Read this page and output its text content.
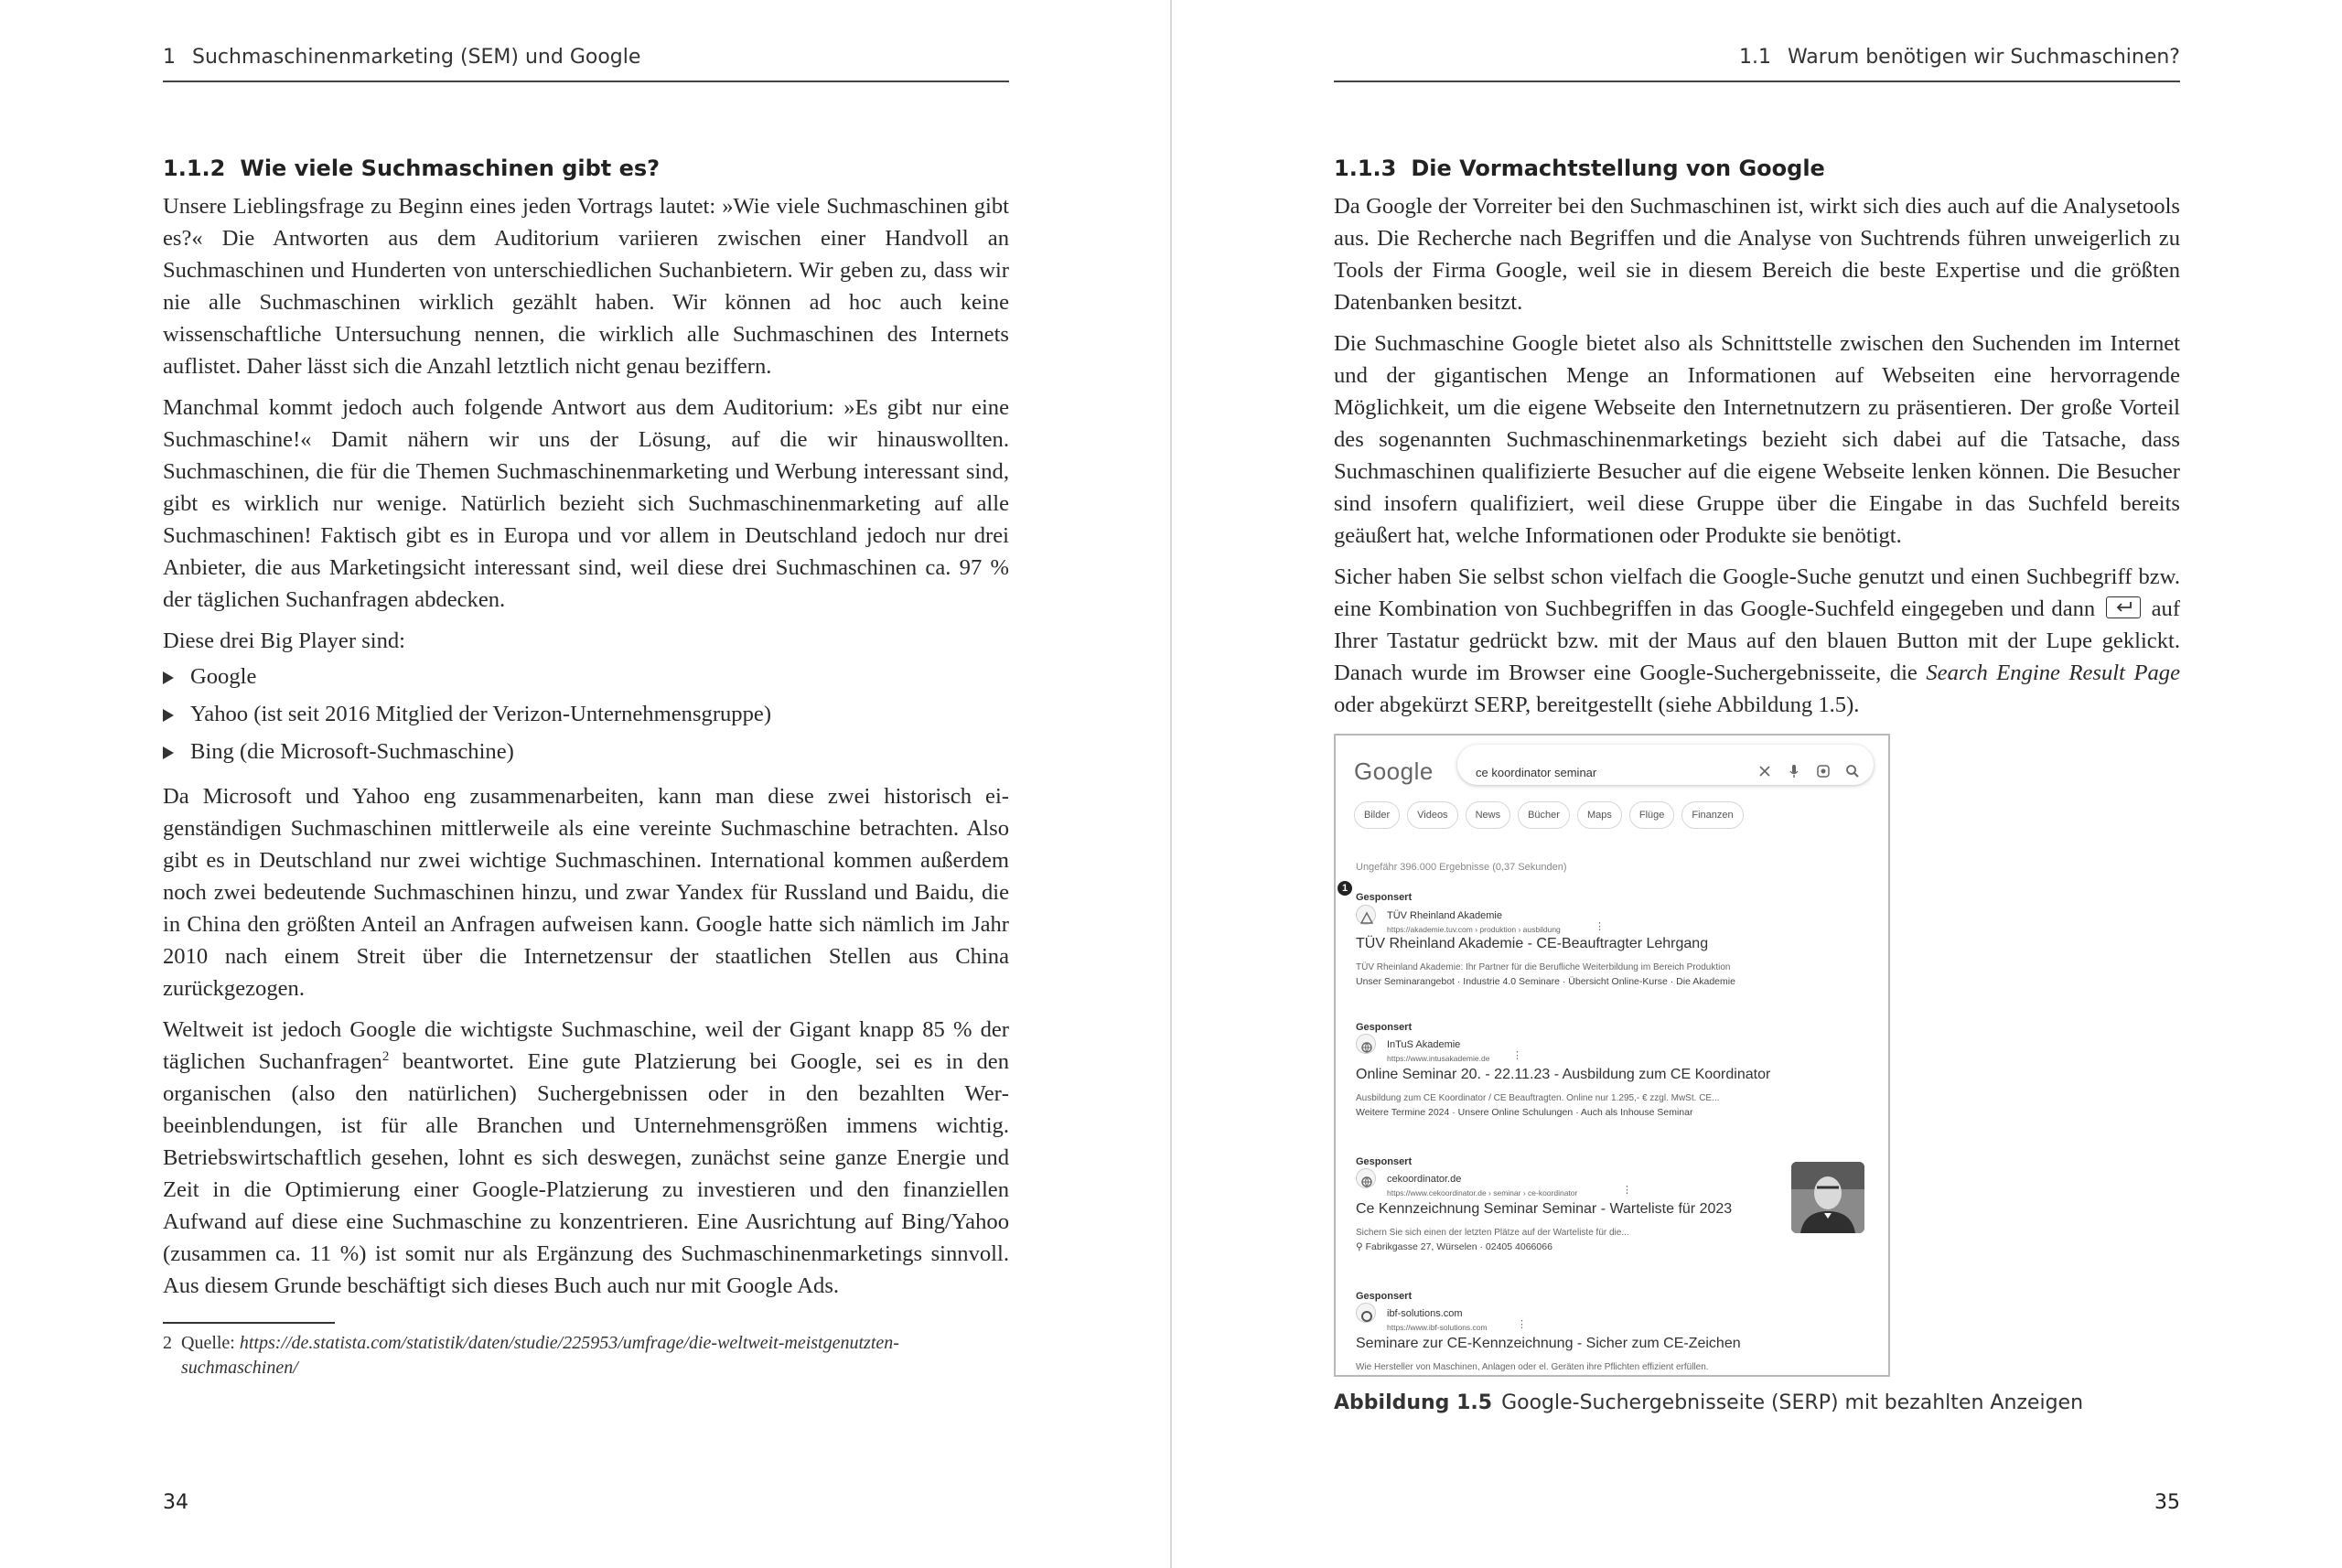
1 Suchmaschinenmarketing (SEM) und Google
1.1.2 Wie viele Suchmaschinen gibt es?

Unsere Lieblingsfrage zu Beginn eines jeden Vortrags lautet: »Wie viele Suchmaschinen gibt es?« Die Antworten aus dem Auditorium variieren zwischen einer Handvoll an Suchmaschinen und Hunderten von unterschiedlichen Suchanbietern. Wir geben zu, dass wir nie alle Suchmaschinen wirklich gezählt haben. Wir können ad hoc auch keine wissenschaftliche Untersuchung nennen, die wirklich alle Suchmaschinen des Internets auflistet. Daher lässt sich die Anzahl letztlich nicht genau beziffern.

Manchmal kommt jedoch auch folgende Antwort aus dem Auditorium: »Es gibt nur eine Suchmaschine!« Damit nähern wir uns der Lösung, auf die wir hinauswollten. Suchmaschinen, die für die Themen Suchmaschinenmarketing und Werbung interessant sind, gibt es wirklich nur wenige. Natürlich bezieht sich Suchmaschinenmarketing auf alle Suchmaschinen! Faktisch gibt es in Europa und vor allem in Deutschland jedoch nur drei Anbieter, die aus Marketingsicht interessant sind, weil diese drei Suchmaschinen ca. 97 % der täglichen Suchanfragen abdecken.

Diese drei Big Player sind:

Google
Yahoo (ist seit 2016 Mitglied der Verizon-Unternehmensgruppe)
Bing (die Microsoft-Suchmaschine)

Da Microsoft und Yahoo eng zusammenarbeiten, kann man diese zwei historisch eigenständigen Suchmaschinen mittlerweile als eine vereinte Suchmaschine betrachten. Also gibt es in Deutschland nur zwei wichtige Suchmaschinen. International kommen außerdem noch zwei bedeutende Suchmaschinen hinzu, und zwar Yandex für Russland und Baidu, die in China den größten Anteil an Anfragen aufweisen kann. Google hatte sich nämlich im Jahr 2010 nach einem Streit über die Internetzensur der staatlichen Stellen aus China zurückgezogen.

Weltweit ist jedoch Google die wichtigste Suchmaschine, weil der Gigant knapp 85 % der täglichen Suchanfragen$^2$ beantwortet. Eine gute Platzierung bei Google, sei es in den organischen (also den natürlichen) Suchergebnissen oder in den bezahlten Werbeeinblendungen, ist für alle Branchen und Unternehmensgrößen immens wichtig. Betriebswirtschaftlich gesehen, lohnt es sich deswegen, zunächst seine ganze Energie und Zeit in die Optimierung einer Google-Platzierung zu investieren und den finanziellen Aufwand auf diese eine Suchmaschine zu konzentrieren. Eine Ausrichtung auf Bing/Yahoo (zusammen ca. 11 %) ist somit nur als Ergänzung des Suchmaschinenmarketings sinnvoll. Aus diesem Grunde beschäftigt sich dieses Buch auch nur mit Google Ads.

2 Quelle: https://de.statista.com/statistik/daten/studie/225953/umfrage/die-weltweit-meistgenutzten-suchmaschinen/
34
1.1 Warum benötigen wir Suchmaschinen?
1.1.3 Die Vormachtstellung von Google

Da Google der Vorreiter bei den Suchmaschinen ist, wirkt sich dies auch auf die Analysetools aus. Die Recherche nach Begriffen und die Analyse von Suchtrends führen unweigerlich zu Tools der Firma Google, weil sie in diesem Bereich die beste Expertise und die größten Datenbanken besitzt.

Die Suchmaschine Google bietet also als Schnittstelle zwischen den Suchenden im Internet und der gigantischen Menge an Informationen auf Webseiten eine hervorragende Möglichkeit, um die eigene Webseite den Internetnutzern zu präsentieren. Der große Vorteil des sogenannten Suchmaschinenmarketings bezieht sich dabei auf die Tatsache, dass Suchmaschinen qualifizierte Besucher auf die eigene Webseite lenken können. Die Besucher sind insofern qualifiziert, weil diese Gruppe über die Eingabe in das Suchfeld bereits geäußert hat, welche Informationen oder Produkte sie benötigt.

Sicher haben Sie selbst schon vielfach die Google-Suche genutzt und einen Suchbegriff bzw. eine Kombination von Suchbegriffen in das Google-Suchfeld eingegeben und dann
auf Ihrer Tastatur gedrückt bzw. mit der Maus auf den blauen Button mit der Lupe geklickt. Danach wurde im Browser eine Google-Suchergebnisseite, die Search Engine Result Page oder abgekürzt SERP, bereitgestellt (siehe Abbildung 1.5).

Google	ce koordinator seminar
Bilder	Videos	News	Bücher	Maps	Flüge	Finanzen
Ungefähr 396.000 Ergebnisse (0,37 Sekunden)
1
Gesponsert
TÜV Rheinland Akademie
https://akademie.tuv.com › produktion › ausbildung	⋮
TÜV Rheinland Akademie - CE-Beauftragter Lehrgang
TÜV Rheinland Akademie: Ihr Partner für die Berufliche Weiterbildung im Bereich Produktion
Unser Seminarangebot · Industrie 4.0 Seminare · Übersicht Online-Kurse · Die Akademie
Gesponsert
InTuS Akademie
https://www.intusakademie.de ⋮
Online Seminar 20. - 22.11.23 - Ausbildung zum CE Koordinator
Ausbildung zum CE Koordinator / CE Beauftragten. Online nur 1.295,- € zzgl. MwSt. CE...
Weitere Termine 2024 · Unsere Online Schulungen · Auch als Inhouse Seminar
Gesponsert
cekoordinator.de
https://www.cekoordinator.de › seminar › ce-koordinator	⋮
Ce Kennzeichnung Seminar Seminar - Warteliste für 2023
Sichern Sie sich einen der letzten Plätze auf der Warteliste für die...
⚲ Fabrikgasse 27, Würselen · 02405 4066066
Gesponsert
ibf-solutions.com
https://www.ibf-solutions.com	⋮
Seminare zur CE-Kennzeichnung - Sicher zum CE-Zeichen
Wie Hersteller von Maschinen, Anlagen oder el. Geräten ihre Pflichten effizient erfüllen.
Abbildung 1.5 Google-Suchergebnisseite (SERP) mit bezahlten Anzeigen
35
